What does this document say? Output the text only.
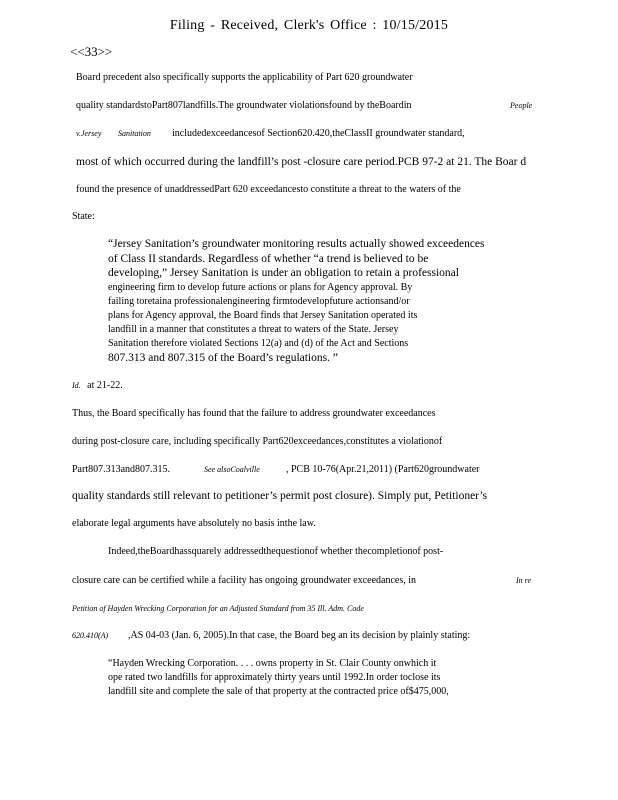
Filing - Received, Clerk's Office : 10/15/2015
<<33>>
Board precedent also specifically supports the applicability of Part 620 groundwater
quality standardstoPart807landfills.The groundwater violationsfound by theBoardin	People
v.Jersey Sanitation includedexceedancesof Section620.420,theClassII groundwater standard,
most of which occurred during the landfill’s post -closure care period.PCB 97-2 at 21. The Boar d
found the presence of unaddressedPart 620 exceedancesto constitute a threat to the waters of the
State:
“Jersey Sanitation’s groundwater monitoring results actually showed exceedences
of Class II standards. Regardless of whether “a trend is believed to be
developing,” Jersey Sanitation is under an obligation to retain a professional
engineering firm to develop future actions or plans for Agency approval. By
failing toretaina professionalengineering firmtodevelopfuture actionsand/or
plans for Agency approval, the Board finds that Jersey Sanitation operated its
landfill in a manner that constitutes a threat to waters of the State. Jersey
Sanitation therefore violated Sections 12(a) and (d) of the Act and Sections
807.313 and 807.315 of the Board’s regulations. ”
Id. at 21-22.
Thus, the Board specifically has found that the failure to address groundwater exceedances
during post-closure care, including specifically Part620exceedances,constitutes a violationof
Part807.313and807.315.	See alsoCoalville	, PCB 10-76(Apr.21,2011) (Part620groundwater
quality standards still relevant to petitioner’s permit post closure). Simply put, Petitioner’s
elaborate legal arguments have absolutely no basis inthe law.
Indeed,theBoardhassquarely addressedthequestionof whether thecompletionof post-
closure care can be certified while a facility has ongoing groundwater exceedances, in	In re
Petition of Hayden Wrecking Corporation for an Adjusted Standard from 35 Ill. Adm. Code
620.410(A) ,AS 04-03 (Jan. 6, 2005).In that case, the Board beg an its decision by plainly stating:
“Hayden Wrecking Corporation. . . . owns property in St. Clair County onwhich it
ope rated two landfills for approximately thirty years until 1992.In order toclose its
landfill site and complete the sale of that property at the contracted price of$475,000,
